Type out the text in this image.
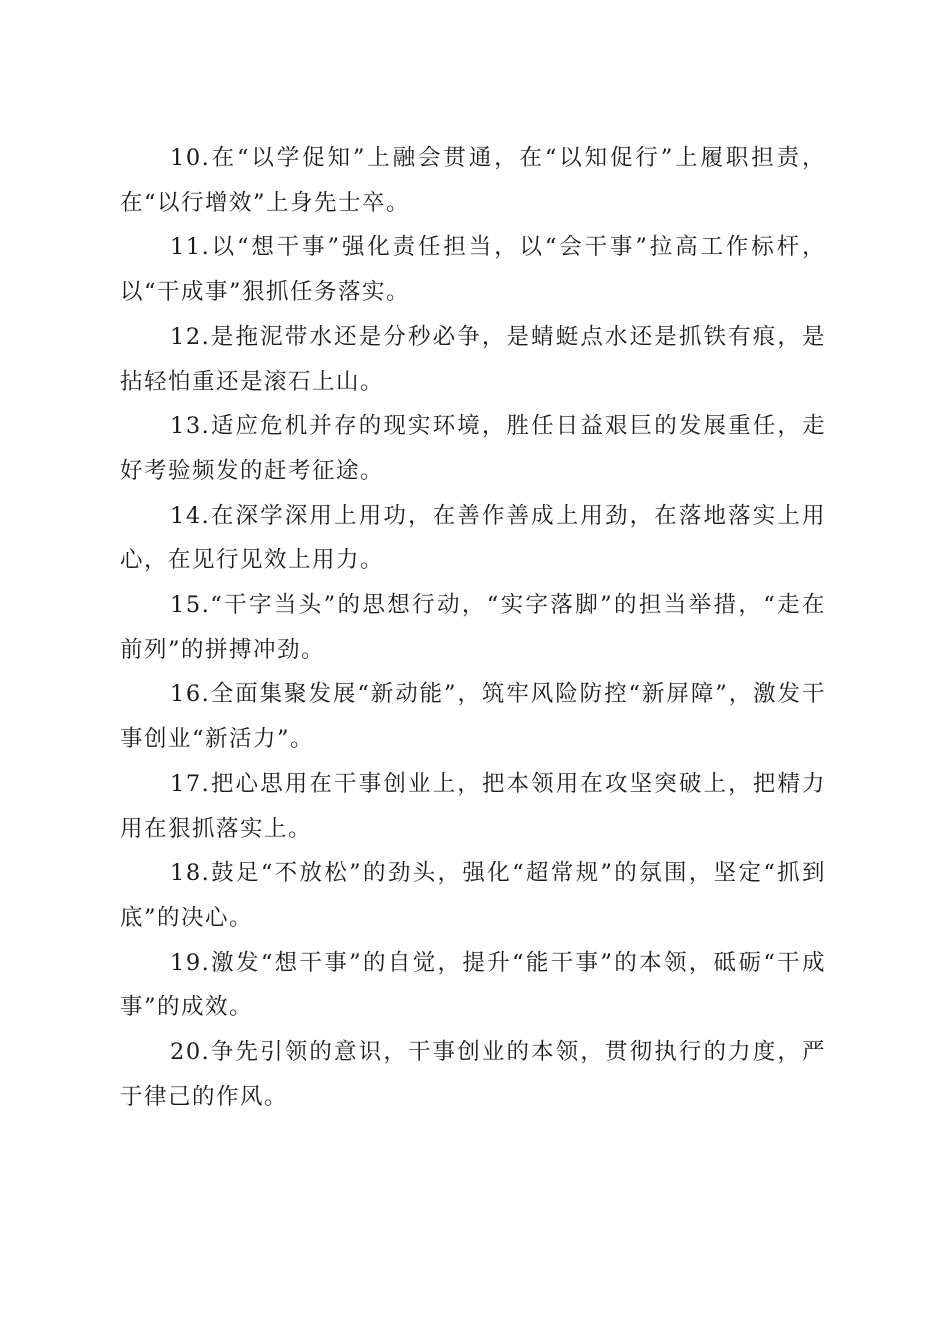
10.在“以学促知”上融会贯通，在“以知促行”上履职担责，在“以行增效”上身先士卒。

11.以“想干事”强化责任担当，以“会干事”拉高工作标杆，以“干成事”狠抓任务落实。

12.是拖泥带水还是分秒必争，是蜻蜓点水还是抓铁有痕，是拈轻怕重还是滚石上山。

13.适应危机并存的现实环境，胜任日益艰巨的发展重任，走好考验频发的赶考征途。

14.在深学深用上用功，在善作善成上用劲，在落地落实上用心，在见行见效上用力。

15.“干字当头”的思想行动，“实字落脚”的担当举措，“走在前列”的拼搏冲劲。

16.全面集聚发展“新动能”，筑牢风险防控“新屏障”，激发干事创业“新活力”。

17.把心思用在干事创业上，把本领用在攻坚突破上，把精力用在狠抓落实上。

18.鼓足“不放松”的劲头，强化“超常规”的氛围，坚定“抓到底”的决心。

19.激发“想干事”的自觉，提升“能干事”的本领，砥砺“干成事”的成效。

20.争先引领的意识，干事创业的本领，贯彻执行的力度，严于律己的作风。
